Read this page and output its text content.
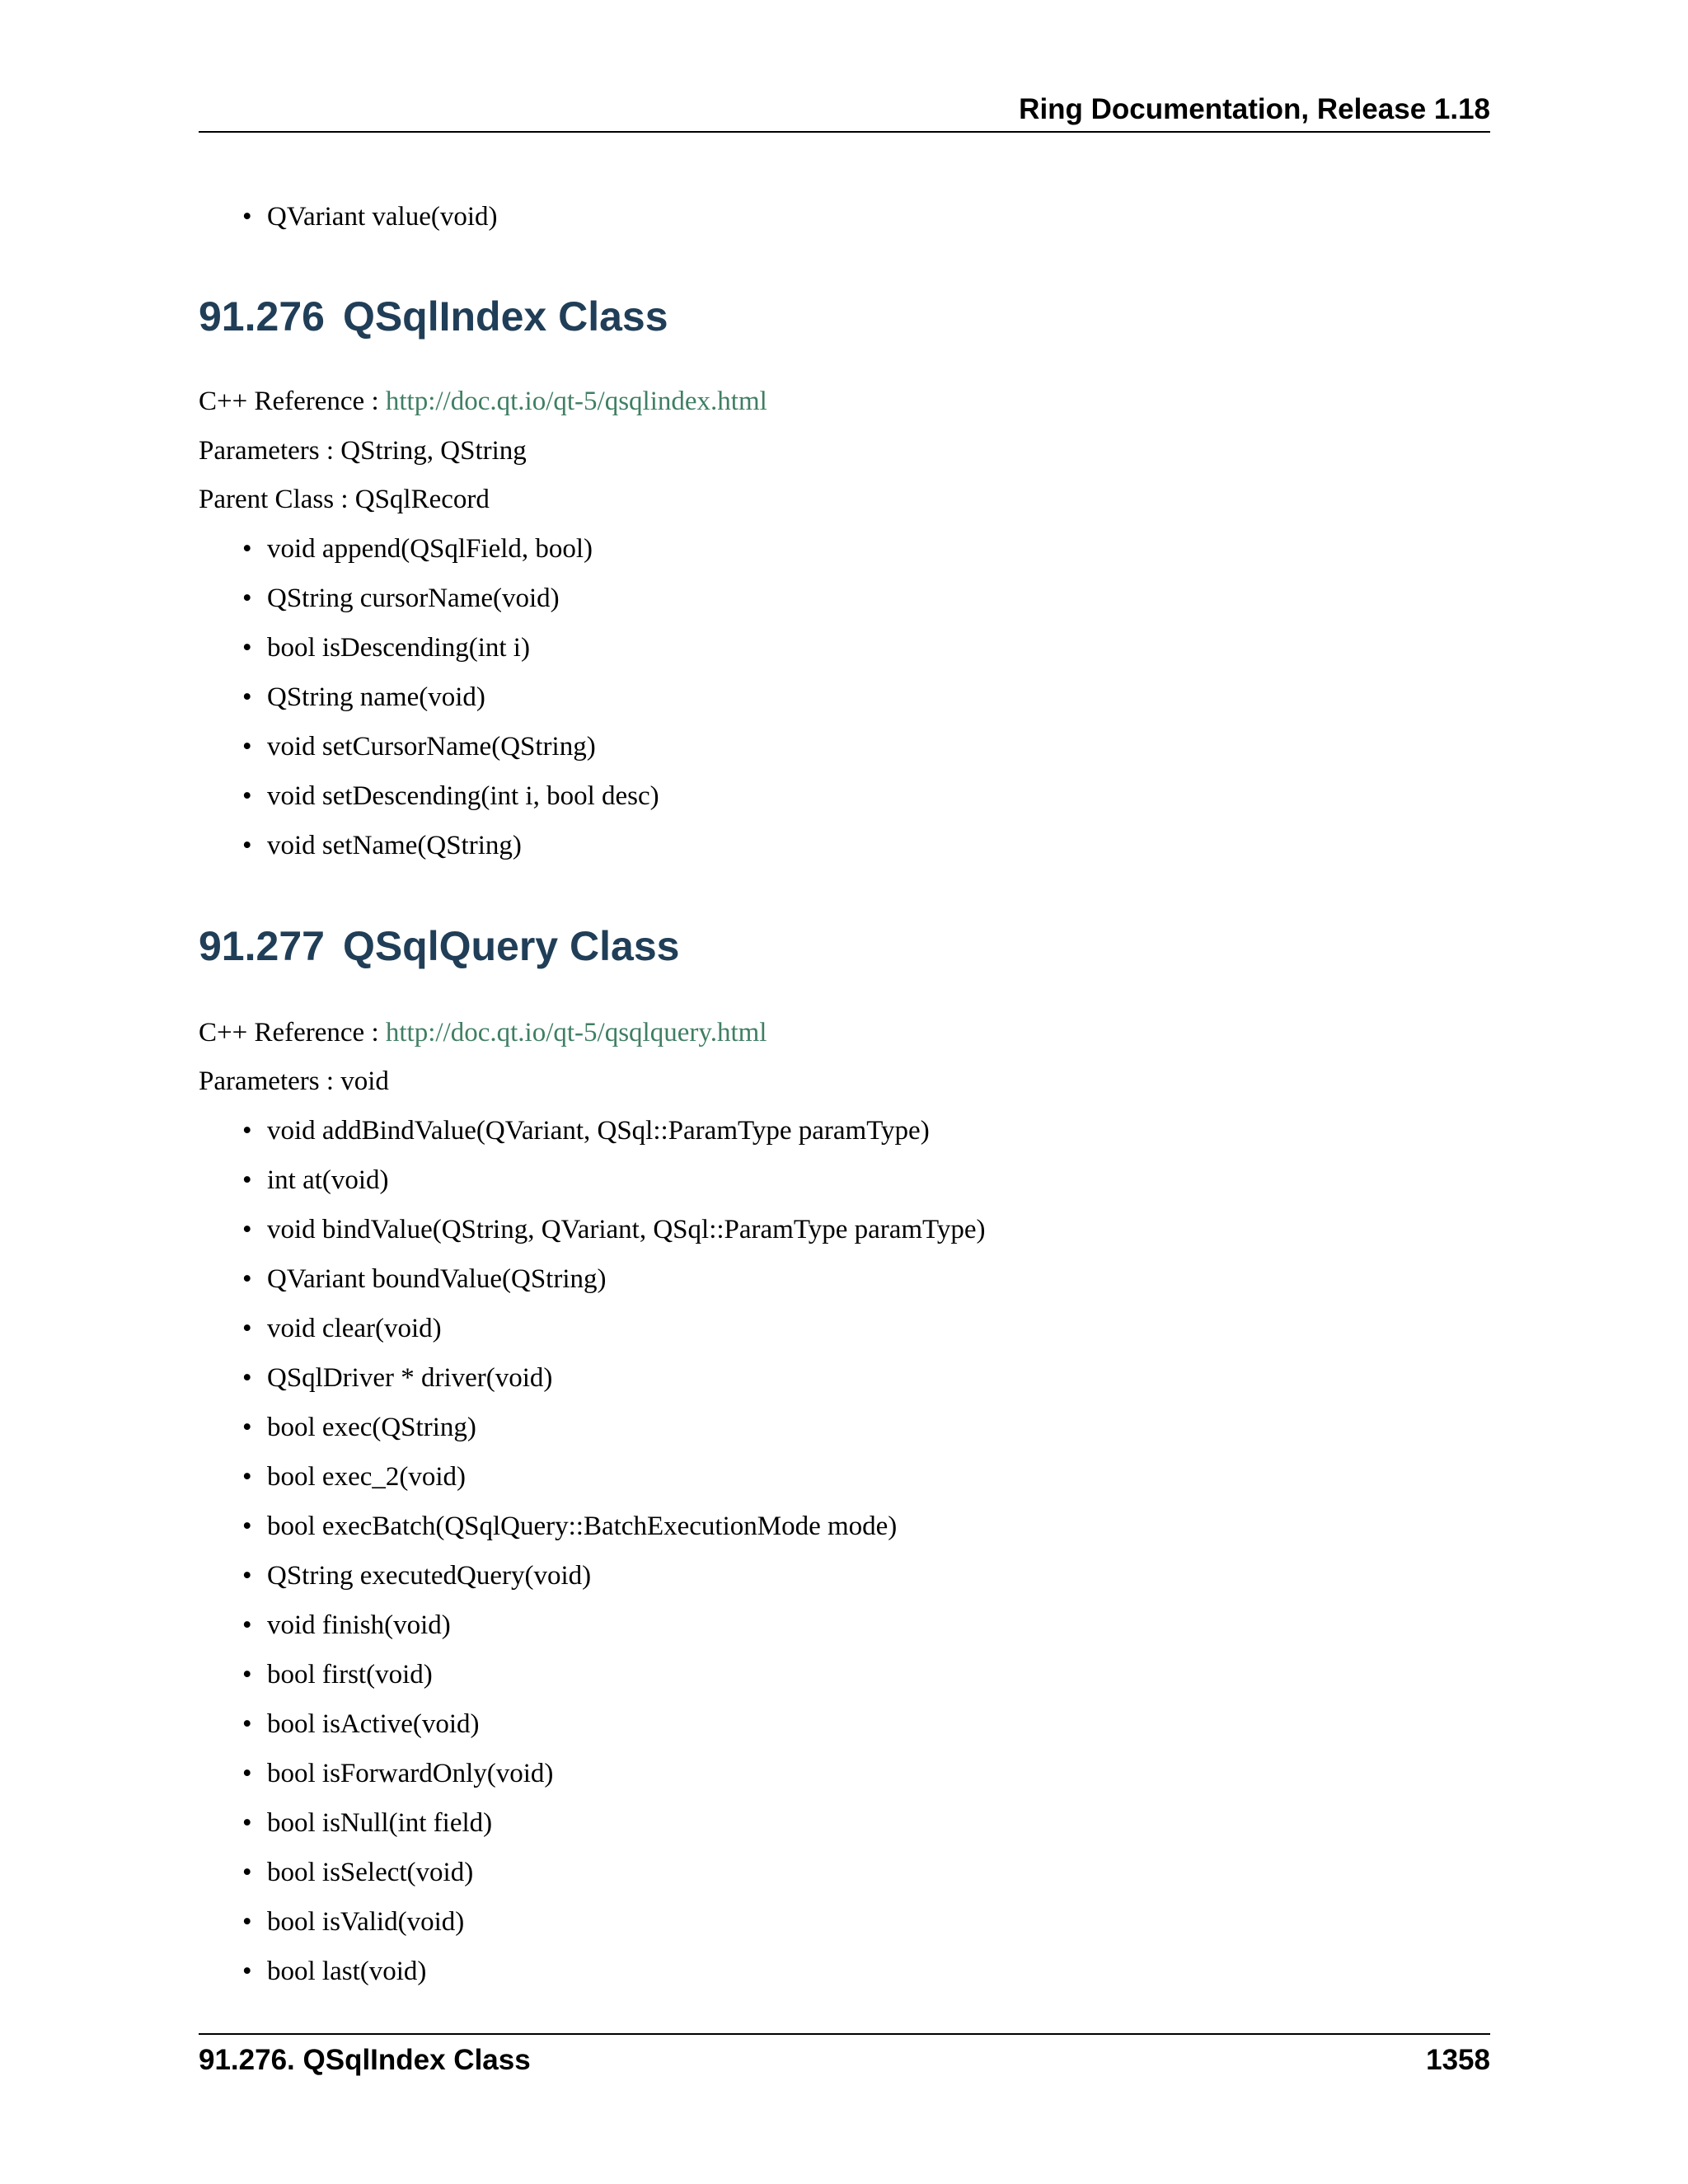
Ring Documentation, Release 1.18
• QVariant value(void)
91.276 QSqlIndex Class

C++ Reference : http://doc.qt.io/qt-5/qsqlindex.html

Parameters : QString, QString

Parent Class : QSqlRecord

• void append(QSqlField, bool)
• QString cursorName(void)
• bool isDescending(int i)
• QString name(void)
• void setCursorName(QString)
• void setDescending(int i, bool desc)
• void setName(QString)
91.277 QSqlQuery Class

C++ Reference : http://doc.qt.io/qt-5/qsqlquery.html

Parameters : void

• void addBindValue(QVariant, QSql::ParamType paramType)
• int at(void)
• void bindValue(QString, QVariant, QSql::ParamType paramType)
• QVariant boundValue(QString)
• void clear(void)
• QSqlDriver * driver(void)
• bool exec(QString)
• bool exec_2(void)
• bool execBatch(QSqlQuery::BatchExecutionMode mode)
• QString executedQuery(void)
• void finish(void)
• bool first(void)
• bool isActive(void)
• bool isForwardOnly(void)
• bool isNull(int field)
• bool isSelect(void)
• bool isValid(void)
• bool last(void)
91.276. QSqlIndex Class	1358
